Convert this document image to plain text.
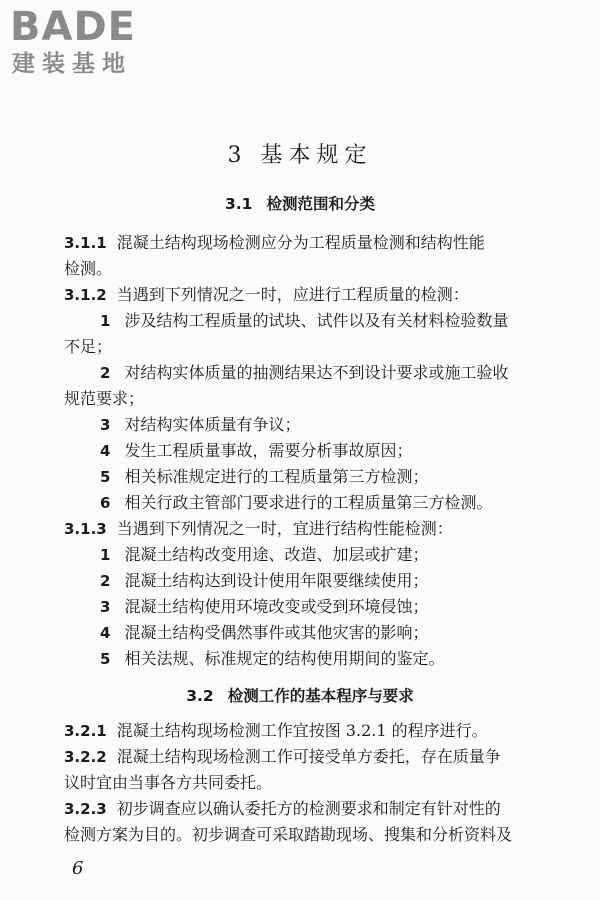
BADE
建装基地
3 基本规定
3.1 检测范围和分类
3.1.1 混凝土结构现场检测应分为工程质量检测和结构性能
检测。
3.1.2 当遇到下列情况之一时，应进行工程质量的检测：
1 涉及结构工程质量的试块、试件以及有关材料检验数量
不足；
2 对结构实体质量的抽测结果达不到设计要求或施工验收
规范要求；
3 对结构实体质量有争议；
4 发生工程质量事故，需要分析事故原因；
5 相关标准规定进行的工程质量第三方检测；
6 相关行政主管部门要求进行的工程质量第三方检测。
3.1.3 当遇到下列情况之一时，宜进行结构性能检测：
1 混凝土结构改变用途、改造、加层或扩建；
2 混凝土结构达到设计使用年限要继续使用；
3 混凝土结构使用环境改变或受到环境侵蚀；
4 混凝土结构受偶然事件或其他灾害的影响；
5 相关法规、标准规定的结构使用期间的鉴定。
3.2 检测工作的基本程序与要求
3.2.1 混凝土结构现场检测工作宜按图 3.2.1 的程序进行。
3.2.2 混凝土结构现场检测工作可接受单方委托，存在质量争
议时宜由当事各方共同委托。
3.2.3 初步调查应以确认委托方的检测要求和制定有针对性的
检测方案为目的。初步调查可采取踏勘现场、搜集和分析资料及
6
